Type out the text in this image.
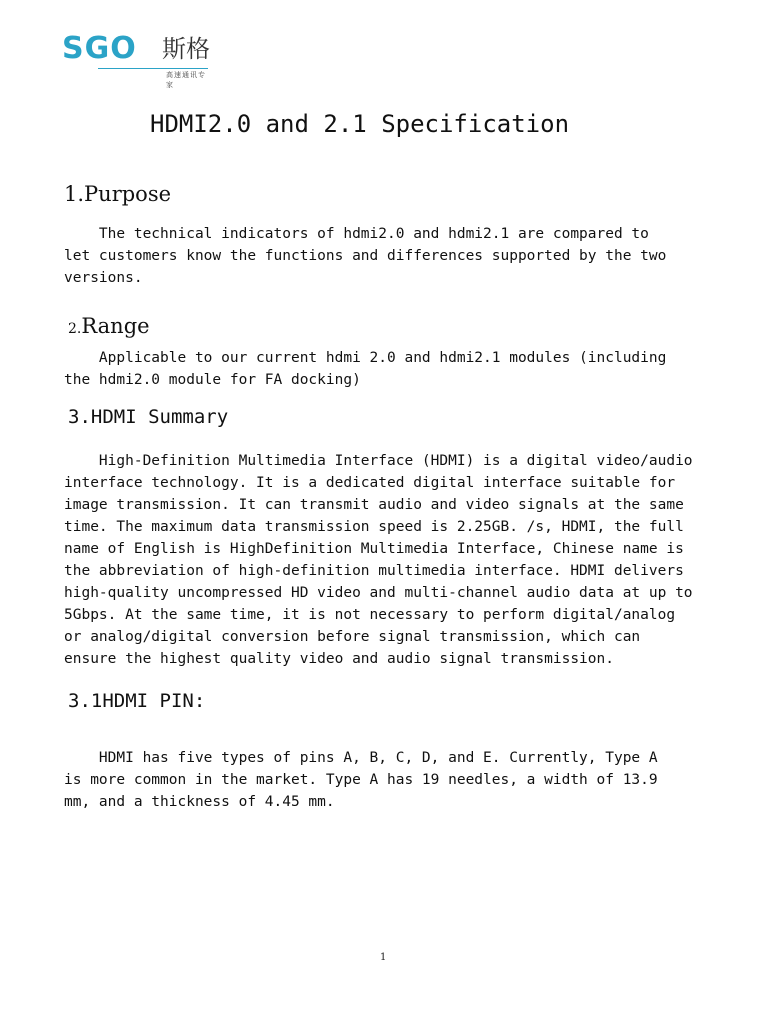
SGO 斯格
高速通讯专家
HDMI2.0 and 2.1 Specification
1.Purpose
The technical indicators of hdmi2.0 and hdmi2.1 are compared to
let customers know the functions and differences supported by the two
versions.
2.Range
Applicable to our current hdmi 2.0 and hdmi2.1 modules (including
the hdmi2.0 module for FA docking)
3.HDMI Summary
High-Definition Multimedia Interface (HDMI) is a digital video/audio
interface technology. It is a dedicated digital interface suitable for
image transmission. It can transmit audio and video signals at the same
time. The maximum data transmission speed is 2.25GB. /s, HDMI, the full
name of English is HighDefinition Multimedia Interface, Chinese name is
the abbreviation of high-definition multimedia interface. HDMI delivers
high-quality uncompressed HD video and multi-channel audio data at up to
5Gbps. At the same time, it is not necessary to perform digital/analog
or analog/digital conversion before signal transmission, which can
ensure the highest quality video and audio signal transmission.
3.1HDMI PIN:
HDMI has five types of pins A, B, C, D, and E. Currently, Type A
is more common in the market. Type A has 19 needles, a width of 13.9
mm, and a thickness of 4.45 mm.
1
